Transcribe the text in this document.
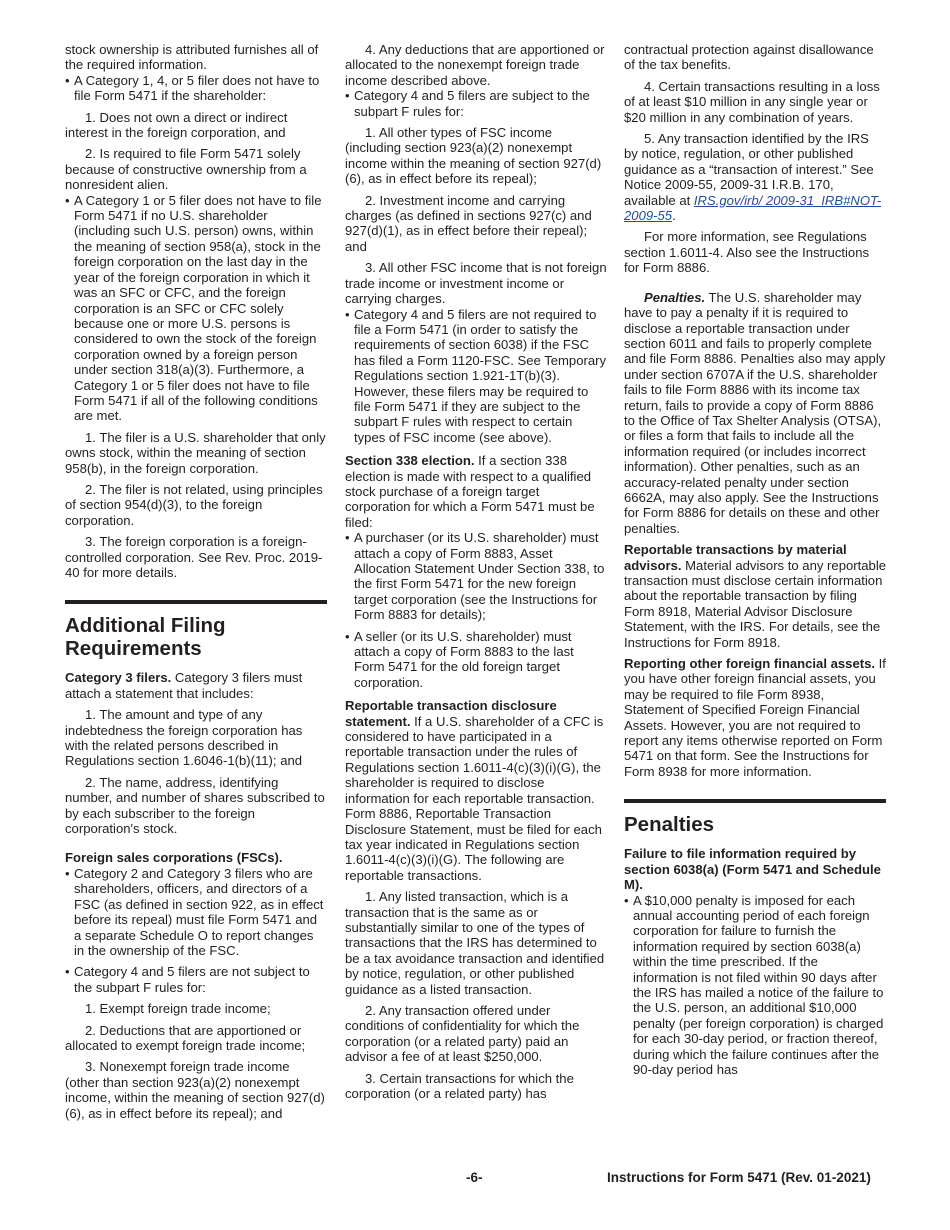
stock ownership is attributed furnishes all of the required information.

• A Category 1, 4, or 5 filer does not have to file Form 5471 if the shareholder:

1. Does not own a direct or indirect interest in the foreign corporation, and

2. Is required to file Form 5471 solely because of constructive ownership from a nonresident alien.

• A Category 1 or 5 filer does not have to file Form 5471 if no U.S. shareholder (including such U.S. person) owns, within the meaning of section 958(a), stock in the foreign corporation on the last day in the year of the foreign corporation in which it was an SFC or CFC, and the foreign corporation is an SFC or CFC solely because one or more U.S. persons is considered to own the stock of the foreign corporation owned by a foreign person under section 318(a)(3). Furthermore, a Category 1 or 5 filer does not have to file Form 5471 if all of the following conditions are met.

1. The filer is a U.S. shareholder that only owns stock, within the meaning of section 958(b), in the foreign corporation.

2. The filer is not related, using principles of section 954(d)(3), to the foreign corporation.

3. The foreign corporation is a foreign-controlled corporation. See Rev. Proc. 2019-40 for more details.

Additional Filing Requirements

Category 3 filers. Category 3 filers must attach a statement that includes:

1. The amount and type of any indebtedness the foreign corporation has with the related persons described in Regulations section 1.6046-1(b)(11); and

2. The name, address, identifying number, and number of shares subscribed to by each subscriber to the foreign corporation's stock.

Foreign sales corporations (FSCs).

• Category 2 and Category 3 filers who are shareholders, officers, and directors of a FSC (as defined in section 922, as in effect before its repeal) must file Form 5471 and a separate Schedule O to report changes in the ownership of the FSC.

• Category 4 and 5 filers are not subject to the subpart F rules for:

1. Exempt foreign trade income;

2. Deductions that are apportioned or allocated to exempt foreign trade income;

3. Nonexempt foreign trade income (other than section 923(a)(2) nonexempt income, within the meaning of section 927(d)(6), as in effect before its repeal); and

4. Any deductions that are apportioned or allocated to the nonexempt foreign trade income described above.

• Category 4 and 5 filers are subject to the subpart F rules for:

1. All other types of FSC income (including section 923(a)(2) nonexempt income within the meaning of section 927(d)(6), as in effect before its repeal);

2. Investment income and carrying charges (as defined in sections 927(c) and 927(d)(1), as in effect before their repeal); and

3. All other FSC income that is not foreign trade income or investment income or carrying charges.

• Category 4 and 5 filers are not required to file a Form 5471 (in order to satisfy the requirements of section 6038) if the FSC has filed a Form 1120-FSC. See Temporary Regulations section 1.921-1T(b)(3). However, these filers may be required to file Form 5471 if they are subject to the subpart F rules with respect to certain types of FSC income (see above).

Section 338 election. If a section 338 election is made with respect to a qualified stock purchase of a foreign target corporation for which a Form 5471 must be filed:

• A purchaser (or its U.S. shareholder) must attach a copy of Form 8883, Asset Allocation Statement Under Section 338, to the first Form 5471 for the new foreign target corporation (see the Instructions for Form 8883 for details);

• A seller (or its U.S. shareholder) must attach a copy of Form 8883 to the last Form 5471 for the old foreign target corporation.

Reportable transaction disclosure statement. If a U.S. shareholder of a CFC is considered to have participated in a reportable transaction under the rules of Regulations section 1.6011-4(c)(3)(i)(G), the shareholder is required to disclose information for each reportable transaction. Form 8886, Reportable Transaction Disclosure Statement, must be filed for each tax year indicated in Regulations section 1.6011-4(c)(3)(i)(G). The following are reportable transactions.

1. Any listed transaction, which is a transaction that is the same as or substantially similar to one of the types of transactions that the IRS has determined to be a tax avoidance transaction and identified by notice, regulation, or other published guidance as a listed transaction.

2. Any transaction offered under conditions of confidentiality for which the corporation (or a related party) paid an advisor a fee of at least $250,000.

3. Certain transactions for which the corporation (or a related party) has

contractual protection against disallowance of the tax benefits.

4. Certain transactions resulting in a loss of at least $10 million in any single year or $20 million in any combination of years.

5. Any transaction identified by the IRS by notice, regulation, or other published guidance as a “transaction of interest.” See Notice 2009-55, 2009-31 I.R.B. 170, available at IRS.gov/irb/ 2009-31_IRB#NOT-2009-55.

For more information, see Regulations section 1.6011-4. Also see the Instructions for Form 8886.

Penalties. The U.S. shareholder may have to pay a penalty if it is required to disclose a reportable transaction under section 6011 and fails to properly complete and file Form 8886. Penalties also may apply under section 6707A if the U.S. shareholder fails to file Form 8886 with its income tax return, fails to provide a copy of Form 8886 to the Office of Tax Shelter Analysis (OTSA), or files a form that fails to include all the information required (or includes incorrect information). Other penalties, such as an accuracy-related penalty under section 6662A, may also apply. See the Instructions for Form 8886 for details on these and other penalties.

Reportable transactions by material advisors. Material advisors to any reportable transaction must disclose certain information about the reportable transaction by filing Form 8918, Material Advisor Disclosure Statement, with the IRS. For details, see the Instructions for Form 8918.

Reporting other foreign financial assets. If you have other foreign financial assets, you may be required to file Form 8938, Statement of Specified Foreign Financial Assets. However, you are not required to report any items otherwise reported on Form 5471 on that form. See the Instructions for Form 8938 for more information.

Penalties

Failure to file information required by section 6038(a) (Form 5471 and Schedule M).

• A $10,000 penalty is imposed for each annual accounting period of each foreign corporation for failure to furnish the information required by section 6038(a) within the time prescribed. If the information is not filed within 90 days after the IRS has mailed a notice of the failure to the U.S. person, an additional $10,000 penalty (per foreign corporation) is charged for each 30-day period, or fraction thereof, during which the failure continues after the 90-day period has

-6-	Instructions for Form 5471 (Rev. 01-2021)
